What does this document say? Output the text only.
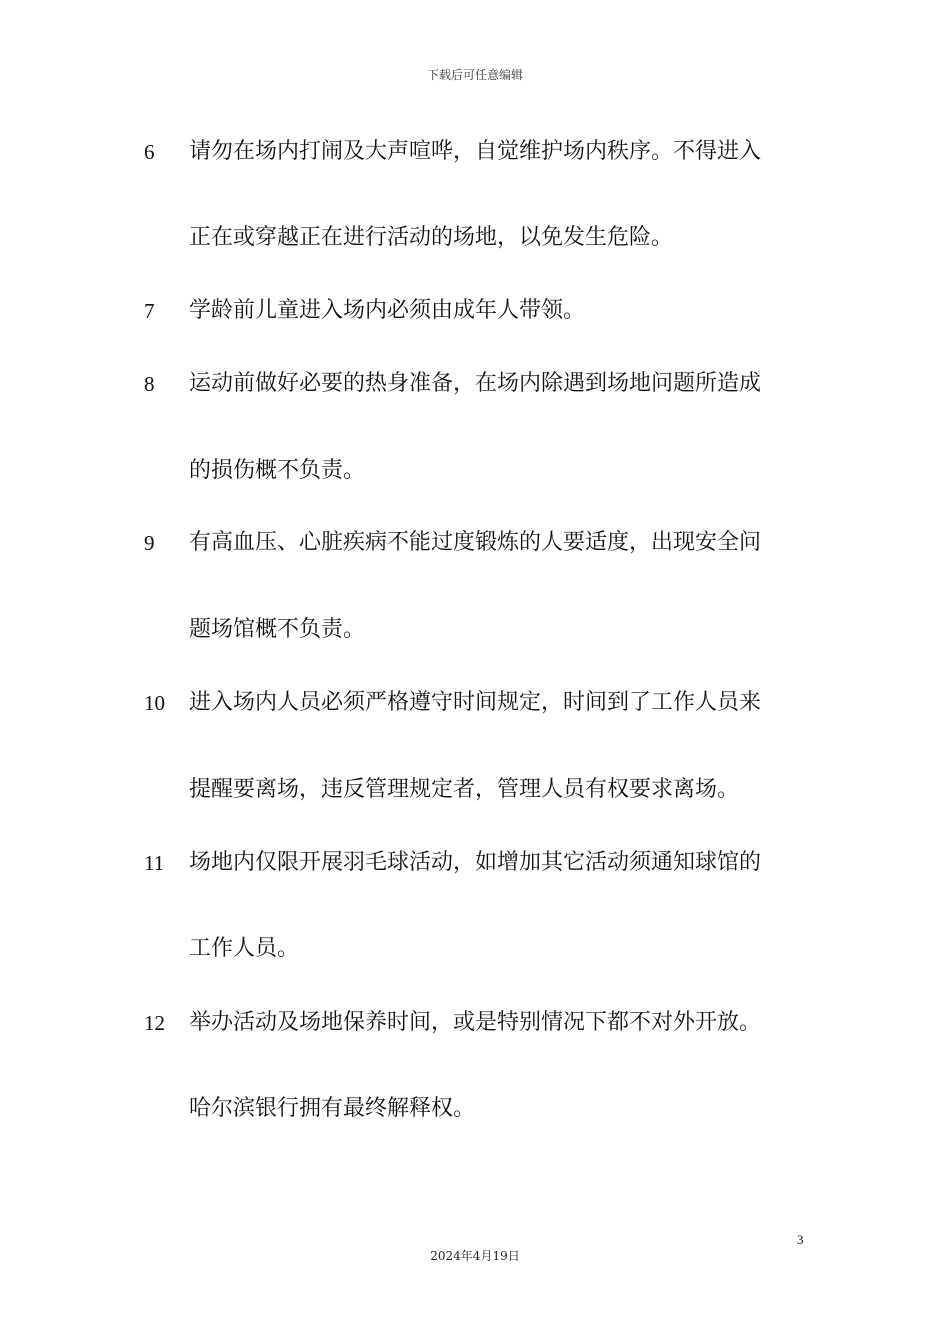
下载后可任意编辑
6 请勿在场内打闹及大声喧哗，自觉维护场内秩序。不得进入
正在或穿越正在进行活动的场地，以免发生危险。
7 学龄前儿童进入场内必须由成年人带领。
8 运动前做好必要的热身准备，在场内除遇到场地问题所造成
的损伤概不负责。
9 有高血压、心脏疾病不能过度锻炼的人要适度，出现安全问
题场馆概不负责。
10 进入场内人员必须严格遵守时间规定，时间到了工作人员来
提醒要离场，违反管理规定者，管理人员有权要求离场。
11 场地内仅限开展羽毛球活动，如增加其它活动须通知球馆的
工作人员。
12 举办活动及场地保养时间，或是特别情况下都不对外开放。
哈尔滨银行拥有最终解释权。
3
2024年4月19日
